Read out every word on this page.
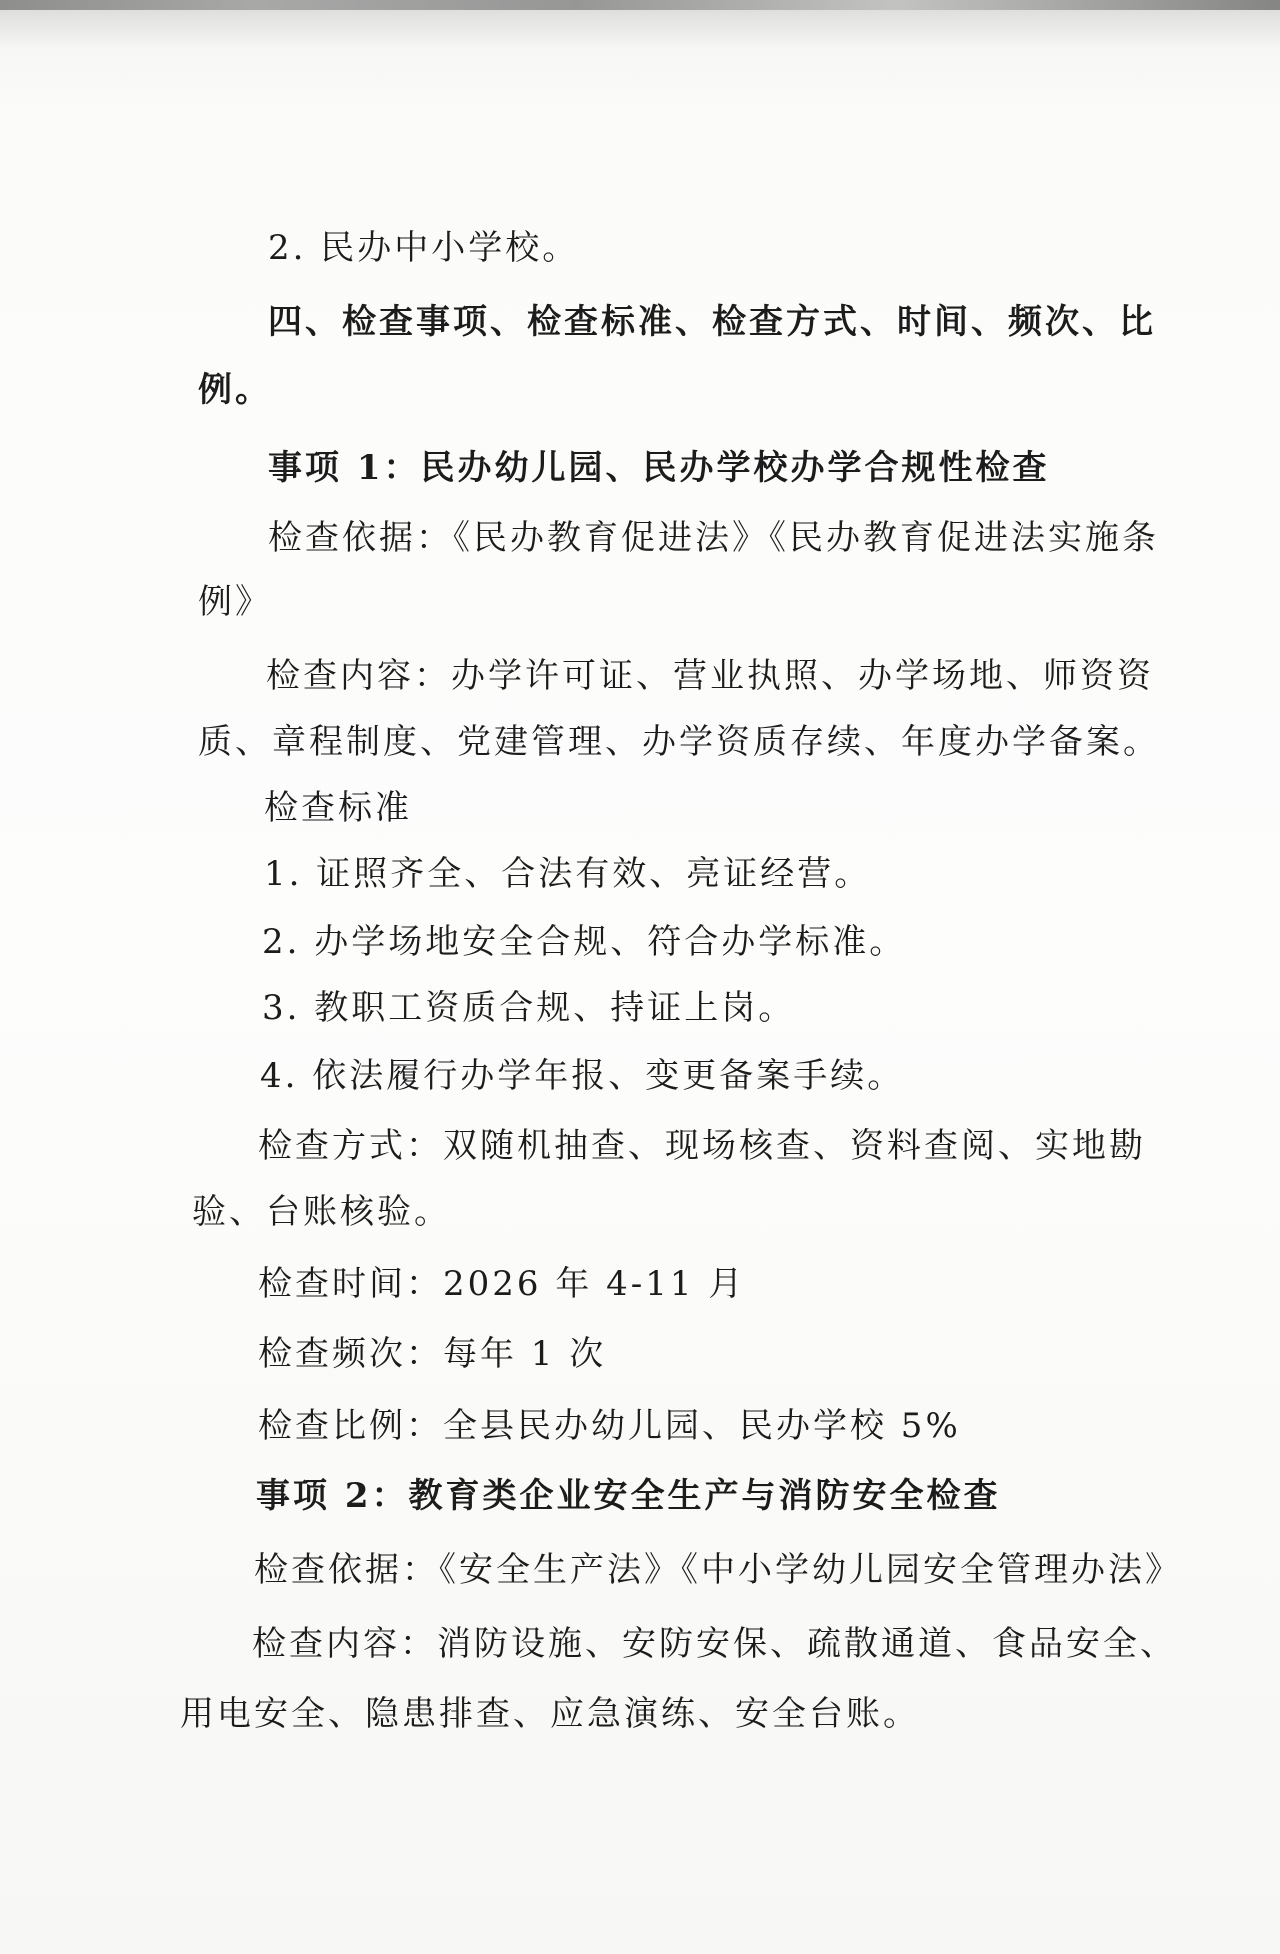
2. 民办中小学校。
四、检查事项、检查标准、检查方式、时间、频次、比
例。
事项 1：民办幼儿园、民办学校办学合规性检查
检查依据：《民办教育促进法》《民办教育促进法实施条
例》
检查内容：办学许可证、营业执照、办学场地、师资资
质、章程制度、党建管理、办学资质存续、年度办学备案。
检查标准
1. 证照齐全、合法有效、亮证经营。
2. 办学场地安全合规、符合办学标准。
3. 教职工资质合规、持证上岗。
4. 依法履行办学年报、变更备案手续。
检查方式：双随机抽查、现场核查、资料查阅、实地勘
验、台账核验。
检查时间：2026 年 4-11 月
检查频次：每年 1 次
检查比例：全县民办幼儿园、民办学校 5%
事项 2：教育类企业安全生产与消防安全检查
检查依据：《安全生产法》《中小学幼儿园安全管理办法》
检查内容：消防设施、安防安保、疏散通道、食品安全、
用电安全、隐患排查、应急演练、安全台账。
